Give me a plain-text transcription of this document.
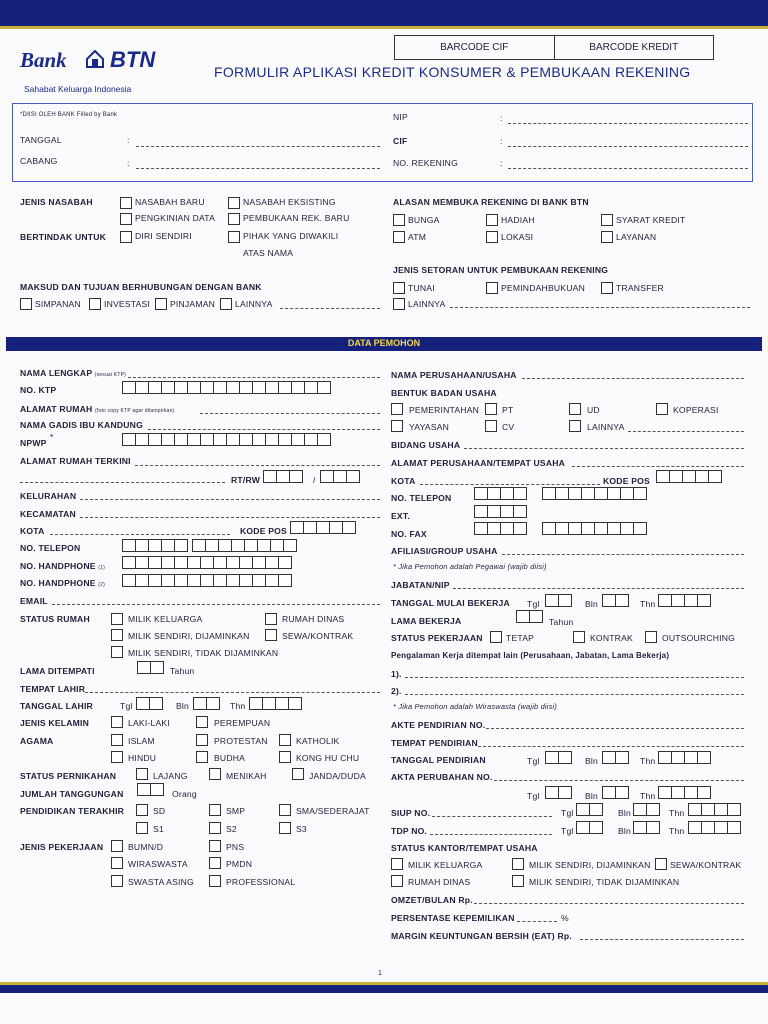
Bank BTN
Sahabat Keluarga Indonesia
BARCODE CIF	BARCODE KREDIT
FORMULIR APLIKASI KREDIT KONSUMER & PEMBUKAAN REKENING
*DIISI OLEH BANK Filled by Bank
TANGGAL	:
CABANG	:
NIP	:
CIF	:
NO. REKENING	:
JENIS NASABAH	NASABAH BARU	NASABAH EKSISTING
PENGKINIAN DATA	PEMBUKAAN REK. BARU
BERTINDAK UNTUK	DIRI SENDIRI	PIHAK YANG DIWAKILI
ATAS NAMA
ALASAN MEMBUKA REKENING DI BANK BTN
BUNGA	HADIAH	SYARAT KREDIT
ATM	LOKASI	LAYANAN
JENIS SETORAN UNTUK PEMBUKAAN REKENING
TUNAI	PEMINDAHBUKUAN	TRANSFER
LAINNYA
MAKSUD DAN TUJUAN BERHUBUNGAN DENGAN BANK
SIMPANAN	INVESTASI PINJAMAN LAINNYA
DATA PEMOHON
NAMA LENGKAP (sesuai KTP)
NO. KTP
ALAMAT RUMAH (foto copy KTP agar dilampirkan)
NAMA GADIS IBU KANDUNG
NPWP
*
ALAMAT RUMAH TERKINI
RT/RW	/
KELURAHAN
KECAMATAN
KOTA	KODE POS
NO. TELEPON
NO. HANDPHONE (1)
NO. HANDPHONE (2)
EMAIL
STATUS RUMAH	MILIK KELUARGA	RUMAH DINAS
MILIK SENDIRI, DIJAMINKAN	SEWA/KONTRAK
MILIK SENDIRI, TIDAK DIJAMINKAN
LAMA DITEMPATI	Tahun
TEMPAT LAHIR
TANGGAL LAHIR	Tgl	Bln	Thn
JENIS KELAMIN	LAKI-LAKI	PEREMPUAN
AGAMA	ISLAM	PROTESTAN	KATHOLIK
HINDU	BUDHA	KONG HU CHU
STATUS PERNIKAHAN	LAJANG	MENIKAH	JANDA/DUDA
JUMLAH TANGGUNGAN	Orang
PENDIDIKAN TERAKHIR	SD	SMP	SMA/SEDERAJAT
S1	S2	S3
JENIS PEKERJAAN	BUMN/D	PNS
WIRASWASTA	PMDN
SWASTA ASING	PROFESSIONAL
NAMA PERUSAHAAN/USAHA
BENTUK BADAN USAHA
PEMERINTAHAN	PT	UD	KOPERASI
YAYASAN	CV	LAINNYA
BIDANG USAHA
ALAMAT PERUSAHAAN/TEMPAT USAHA
KOTA	KODE POS
NO. TELEPON
EXT.
NO. FAX
AFILIASI/GROUP USAHA
* Jika Pemohon adalah Pegawai (wajib diisi)
JABATAN/NIP
TANGGAL MULAI BEKERJA Tgl	Bln	Thn
LAMA BEKERJA	Tahun
STATUS PEKERJAAN	TETAP	KONTRAK	OUTSOURCHING
Pengalaman Kerja ditempat lain (Perusahaan, Jabatan, Lama Bekerja)
1).
2).
* Jika Pemohon adalah Wiraswasta (wajib diisi)
AKTE PENDIRIAN NO.
TEMPAT PENDIRIAN
TANGGAL PENDIRIAN	Tgl	Bln	Thn
AKTA PERUBAHAN NO.
Tgl	Bln	Thn
SIUP NO.	Tgl	Bln	Thn
TDP NO.	Tgl	Bln	Thn
STATUS KANTOR/TEMPAT USAHA
MILIK KELUARGA	MILIK SENDIRI, DIJAMINKAN SEWA/KONTRAK
RUMAH DINAS	MILIK SENDIRI, TIDAK DIJAMINKAN
OMZET/BULAN Rp.
PERSENTASE KEPEMILIKAN	%
MARGIN KEUNTUNGAN BERSIH (EAT) Rp.
1
